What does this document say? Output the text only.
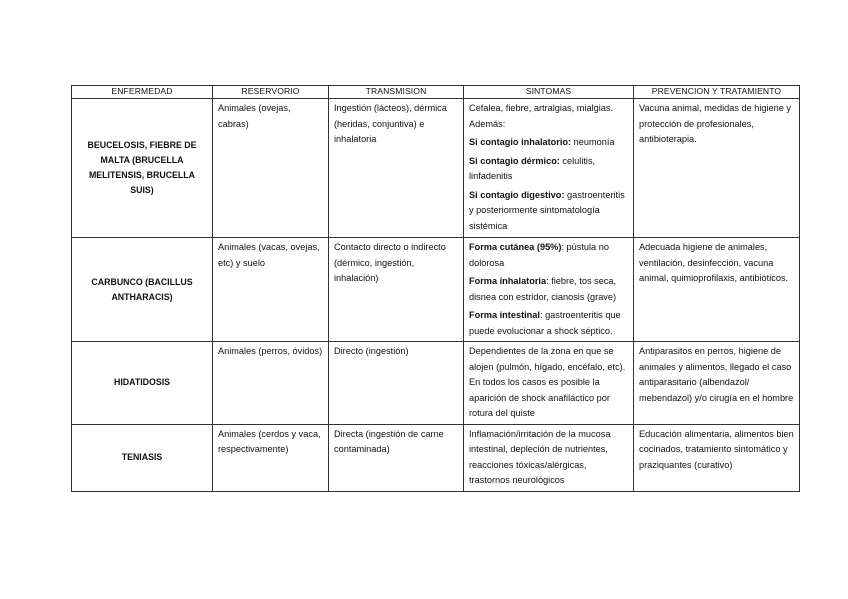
ENFERMEDAD	RESERVORIO	TRANSMISION	SINTOMAS	PREVENCION Y TRATAMIENTO
BEUCELOSIS, FIEBRE DE MALTA (BRUCELLA MELITENSIS, BRUCELLA SUIS)	Animales (ovejas, cabras)	Ingestión (lácteos), dérmica (heridas, conjuntiva) e inhalatoria	Cefalea, fiebre, artralgias, mialgias. Además:
Si contagio inhalatorio: neumonía
Si contagio dérmico: celulitis, linfadenitis
Si contagio digestivo: gastroenteritis y posteriormente sintomatología sistémica	Vacuna animal, medidas de higiene y protección de profesionales, antibioterapia.
CARBUNCO (BACILLUS ANTHARACIS)	Animales (vacas, ovejas, etc) y suelo	Contacto directo o indirecto (dérmico, ingestión, inhalación)	Forma cutánea (95%): pústula no dolorosa
Forma inhalatoria: fiebre, tos seca, disnea con estridor, cianosis (grave)
Forma intestinal: gastroenteritis que puede evolucionar a shock séptico.	Adecuada higiene de animales, ventilación, desinfección, vacuna animal, quimioprofilaxis, antibióticos.
HIDATIDOSIS	Animales (perros, óvidos)	Directo (ingestión)	Dependientes de la zona en que se alojen (pulmón, hígado, encéfalo, etc). En todos los casos es posible la aparición de shock anafiláctico por rotura del quiste	Antiparasitos en perros, higiene de animales y alimentos, llegado el caso antiparasitario (albendazol/ mebendazol) y/o cirugía en el hombre
TENIASIS	Animales (cerdos y vaca, respectivamente)	Directa (ingestión de carne contaminada)	Inflamación/irritación de la mucosa intestinal, depleción de nutrientes, reacciones tóxicas/alérgicas, trastornos neurológicos	Educación alimentaria, alimentos bien cocinados, tratamiento sintomático y praziquantes (curativo)
